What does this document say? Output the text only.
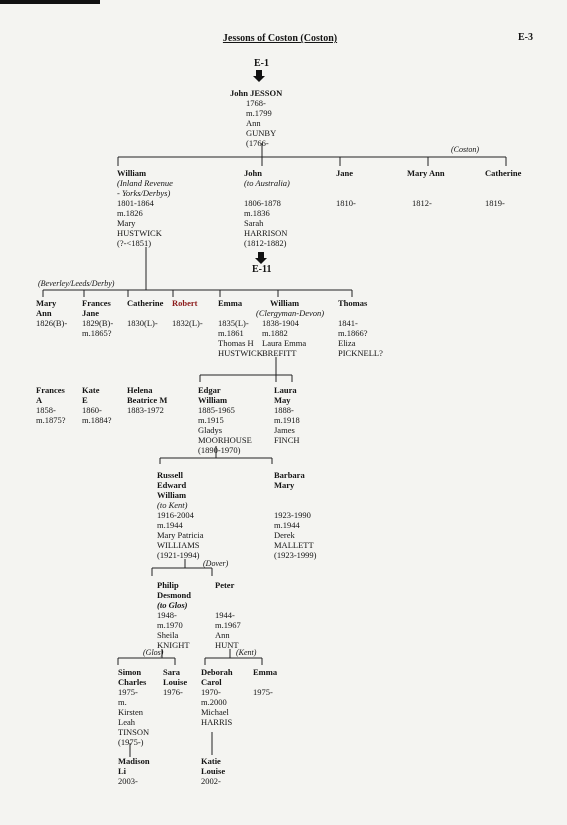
Jessons of Coston (Coston)	E-3
E-1
E-11
(Coston)
(Beverley/Leeds/Derby)
(Dover)
(Glos)	(Kent)
John JESSON
1768-
m.1799
Ann
GUNBY
(1766-
William
(Inland Revenue
- Yorks/Derbys)
1801-1864
m.1826
Mary
HUSTWICK
(?-<1851)
John
(to Australia)
1806-1878
m.1836
Sarah
HARRISON
(1812-1882)
Jane
1810-
Mary Ann
1812-
Catherine
1819-
Mary
Ann
1826(B)-
Frances
Jane
1829(B)-
m.1865?
Catherine
1830(L)-
Robert
1832(L)-
Emma
1835(L)-
m.1861
Thomas H
HUSTWICK
William
(Clergyman-Devon)
1838-1904
m.1882
Laura Emma
BREFITT
Thomas
1841-
m.1866?
Eliza
PICKNELL?
Frances
A
1858-
m.1875?
Kate
E
1860-
m.1884?
Helena
Beatrice M
1883-1972
Edgar
William
1885-1965
m.1915
Gladys
MOORHOUSE
(1890-1970)
Laura
May
1888-
m.1918
James
FINCH
Russell
Edward
William
(to Kent)
1916-2004
m.1944
Mary Patricia
WILLIAMS
(1921-1994)
Barbara
Mary

1923-1990
m.1944
Derek
MALLETT
(1923-1999)
Philip
Desmond
(to Glos)
1948-
m.1970
Sheila
KNIGHT
Peter

1944-
m.1967
Ann
HUNT
Simon
Charles
1975-
m.
Kirsten
Leah
TINSON
(1975-)
Sara
Louise
1976-
Deborah
Carol
1970-
m.2000
Michael
HARRIS
Emma
1975-
Madison
Li
2003-
Katie
Louise
2002-
